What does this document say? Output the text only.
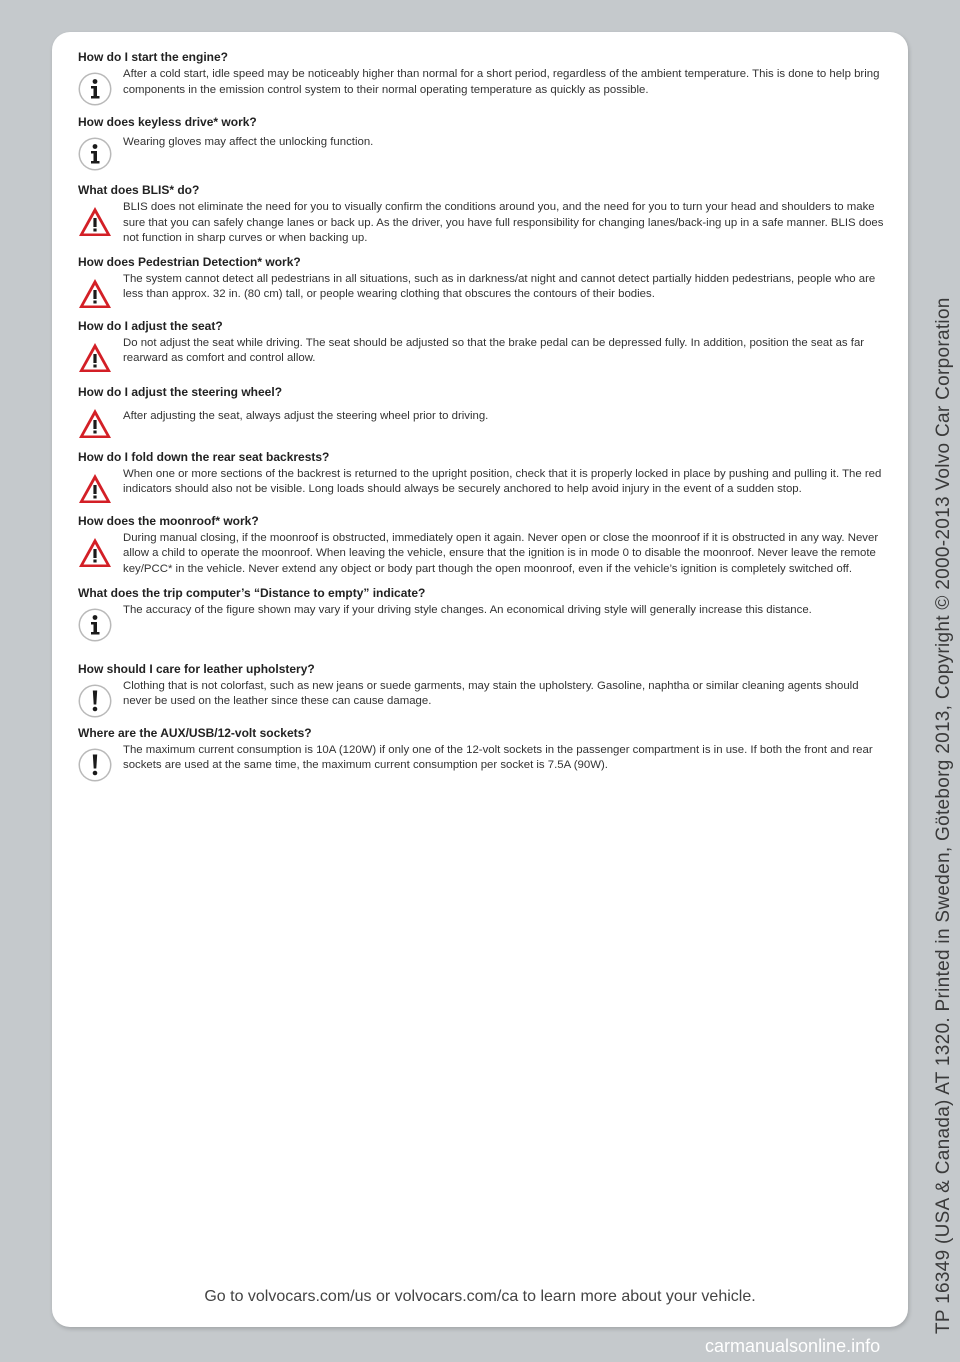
How do I start the engine?

After a cold start, idle speed may be noticeably higher than normal for a short period, regardless of the ambient temperature. This is done to help bring components in the emission control system to their normal operating temperature as quickly as possible.

How does keyless drive* work?

Wearing gloves may affect the unlocking function.

What does BLIS* do?

BLIS does not eliminate the need for you to visually confirm the conditions around you, and the need for you to turn your head and shoulders to make sure that you can safely change lanes or back up. As the driver, you have full responsibility for changing lanes/back-ing up in a safe manner. BLIS does not function in sharp curves or when backing up.

How does Pedestrian Detection* work?

The system cannot detect all pedestrians in all situations, such as in darkness/at night and cannot detect partially hidden pedestrians, people who are less than approx. 32 in. (80 cm) tall, or people wearing clothing that obscures the contours of their bodies.

How do I adjust the seat?

Do not adjust the seat while driving. The seat should be adjusted so that the brake pedal can be depressed fully. In addition, position the seat as far rearward as comfort and control allow.

How do I adjust the steering wheel?

After adjusting the seat, always adjust the steering wheel prior to driving.

How do I fold down the rear seat backrests?

When one or more sections of the backrest is returned to the upright position, check that it is properly locked in place by pushing and pulling it. The red indicators should also not be visible. Long loads should always be securely anchored to help avoid injury in the event of a sudden stop.

How does the moonroof* work?

During manual closing, if the moonroof is obstructed, immediately open it again. Never open or close the moonroof if it is obstructed in any way. Never allow a child to operate the moonroof. When leaving the vehicle, ensure that the ignition is in mode 0 to disable the moonroof. Never leave the remote key/PCC* in the vehicle. Never extend any object or body part though the open moonroof, even if the vehicle’s ignition is completely switched off.

What does the trip computer’s “Distance to empty” indicate?

The accuracy of the figure shown may vary if your driving style changes. An economical driving style will generally increase this distance.

How should I care for leather upholstery?

Clothing that is not colorfast, such as new jeans or suede garments, may stain the upholstery. Gasoline, naphtha or similar cleaning agents should never be used on the leather since these can cause damage.

Where are the AUX/USB/12-volt sockets?

The maximum current consumption is 10A (120W) if only one of the 12-volt sockets in the passenger compartment is in use. If both the front and rear sockets are used at the same time, the maximum current consumption per socket is 7.5A (90W).

Go to volvocars.com/us or volvocars.com/ca to learn more about your vehicle.	TP 16349 (USA & Canada) AT 1320. Printed in Sweden, Göteborg 2013, Copyright © 2000-2013 Volvo Car Corporation
carmanualsonline.info
